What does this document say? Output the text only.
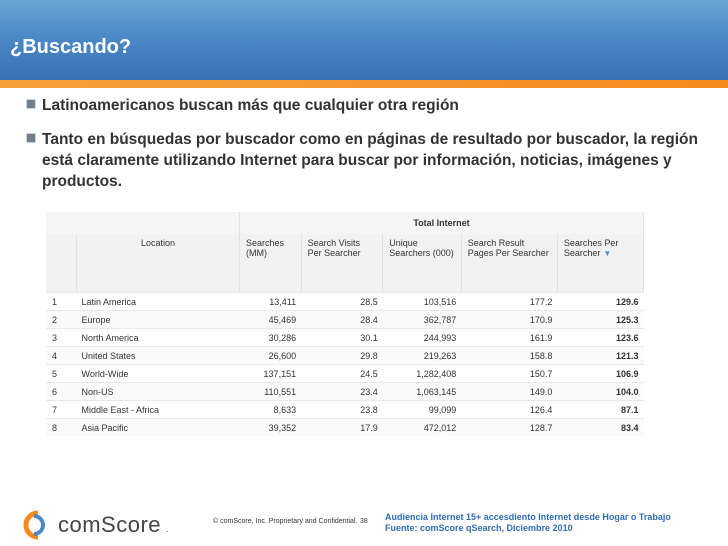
¿Buscando?
Latinoamericanos buscan más que cualquier otra región
Tanto en búsquedas por buscador como en páginas de resultado por buscador, la región
está claramente utilizando Internet para buscar por información, noticias, imágenes y
productos.
		Total Internet				
	Location	Searches (MM)	Search Visits Per Searcher	Unique Searchers (000)	Search Result Pages Per Searcher	Searches Per Searcher ▼
1	Latin America	13,411	28.5	103,516	177.2	129.6
2	Europe	45,469	28.4	362,787	170.9	125.3
3	North America	30,286	30.1	244,993	161.9	123.6
4	United States	26,600	29.8	219,263	158.8	121.3
5	World-Wide	137,151	24.5	1,282,408	150.7	106.9
6	Non-US	110,551	23.4	1,063,145	149.0	104.0
7	Middle East - Africa	8,633	23.8	99,099	126.4	87.1
8	Asia Pacific	39,352	17.9	472,012	128.7	83.4
comScore .
© comScore, Inc. Proprietary and Confidential. 38 Audiencia Internet 15+ accesdiento Internet desde Hogar o Trabajo
Fuente: comScore qSearch, Diciembre 2010
